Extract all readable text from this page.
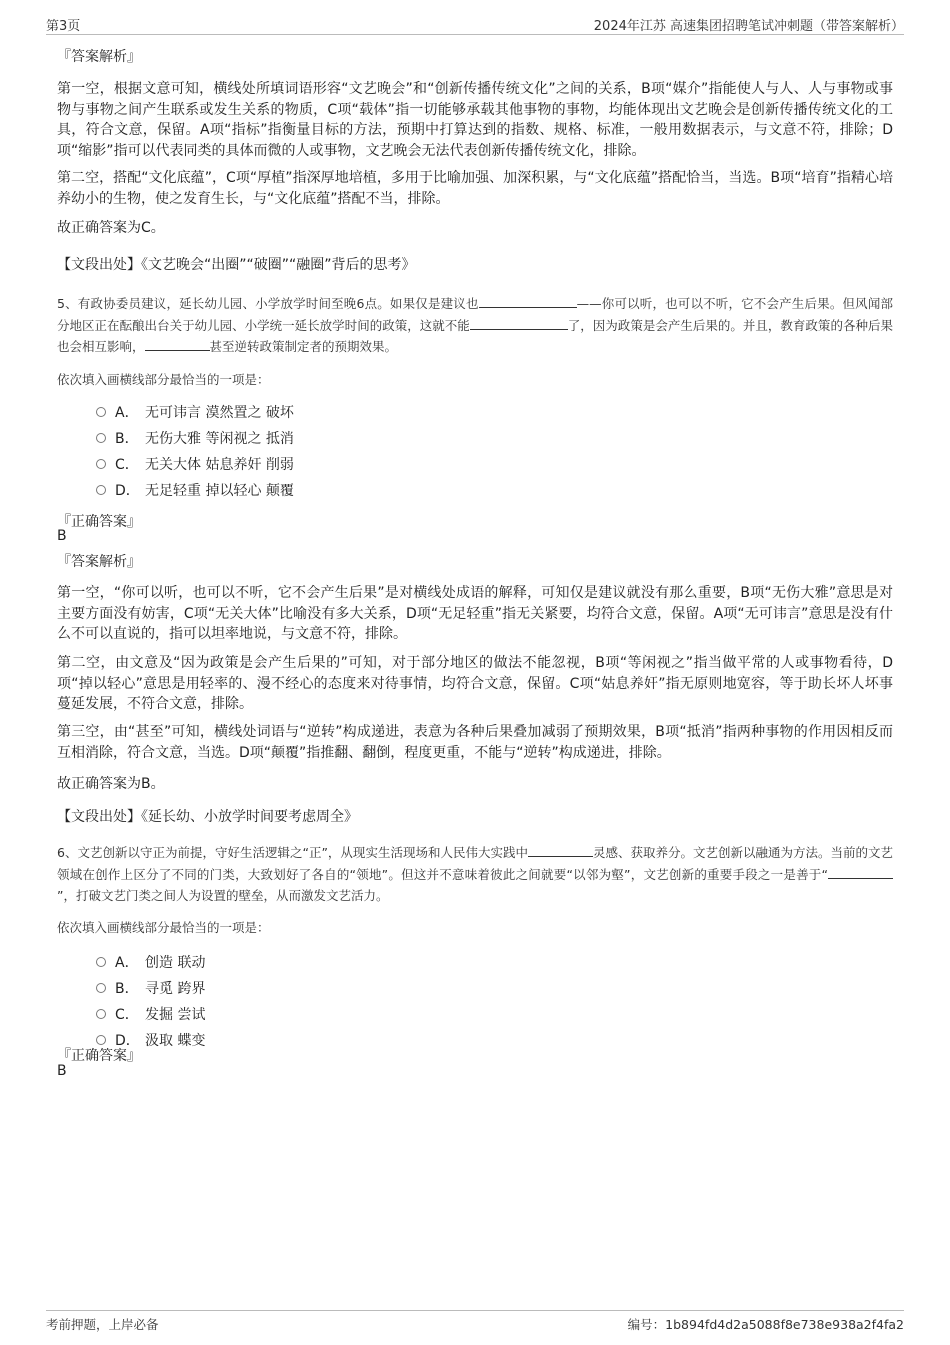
第3页	2024年江苏 高速集团招聘笔试冲刺题（带答案解析）
『答案解析』

第一空，根据文意可知，横线处所填词语形容“文艺晚会”和“创新传播传统文化”之间的关系，B项“媒介”指能使人与人、人与事物或事物与事物之间产生联系或发生关系的物质，C项“载体”指一切能够承载其他事物的事物，均能体现出文艺晚会是创新传播传统文化的工具，符合文意，保留。A项“指标”指衡量目标的方法，预期中打算达到的指数、规格、标准，一般用数据表示，与文意不符，排除；D项“缩影”指可以代表同类的具体而微的人或事物，文艺晚会无法代表创新传播传统文化，排除。

第二空，搭配“文化底蕴”，C项“厚植”指深厚地培植，多用于比喻加强、加深积累，与“文化底蕴”搭配恰当，当选。B项“培育”指精心培养幼小的生物，使之发育生长，与“文化底蕴”搭配不当，排除。

故正确答案为C。
【文段出处】《文艺晚会“出圈”“破圈”“融圈”背后的思考》

5、有政协委员建议，延长幼儿园、小学放学时间至晚6点。如果仅是建议也	——你可以听，也可以不听，它不会产生后果。但风闻部分地区正在酝酿出台关于幼儿园、小学统一延长放学时间的政策，这就不能	了，因为政策是会产生后果的。并且，教育政策的各种后果也会相互影响，	甚至逆转政策制定者的预期效果。

依次填入画横线部分最恰当的一项是：
A． 无可讳言 漠然置之 破坏
B． 无伤大雅 等闲视之 抵消
C． 无关大体 姑息养奸 削弱
D． 无足轻重 掉以轻心 颠覆
『正确答案』
B
『答案解析』

第一空，“你可以听，也可以不听，它不会产生后果”是对横线处成语的解释，可知仅是建议就没有那么重要，B项“无伤大雅”意思是对主要方面没有妨害，C项“无关大体”比喻没有多大关系，D项“无足轻重”指无关紧要，均符合文意，保留。A项“无可讳言”意思是没有什么不可以直说的，指可以坦率地说，与文意不符，排除。

第二空，由文意及“因为政策是会产生后果的”可知，对于部分地区的做法不能忽视，B项“等闲视之”指当做平常的人或事物看待，D项“掉以轻心”意思是用轻率的、漫不经心的态度来对待事情，均符合文意，保留。C项“姑息养奸”指无原则地宽容，等于助长坏人坏事蔓延发展，不符合文意，排除。

第三空，由“甚至”可知，横线处词语与“逆转”构成递进，表意为各种后果叠加减弱了预期效果，B项“抵消”指两种事物的作用因相反而互相消除，符合文意，当选。D项“颠覆”指推翻、翻倒，程度更重，不能与“逆转”构成递进，排除。

故正确答案为B。
【文段出处】《延长幼、小放学时间要考虑周全》

6、文艺创新以守正为前提，守好生活逻辑之“正”，从现实生活现场和人民伟大实践中	灵感、获取养分。文艺创新以融通为方法。当前的文艺领域在创作上区分了不同的门类，大致划好了各自的“领地”。但这并不意味着彼此之间就要“以邻为壑”，文艺创新的重要手段之一是善于“”，打破文艺门类之间人为设置的壁垒，从而激发文艺活力。

依次填入画横线部分最恰当的一项是：
A． 创造 联动
B． 寻觅 跨界
C． 发掘 尝试
D． 汲取 蝶变
『正确答案』
B
考前押题，上岸必备	编号：1b894fd4d2a5088f8e738e938a2f4fa2
